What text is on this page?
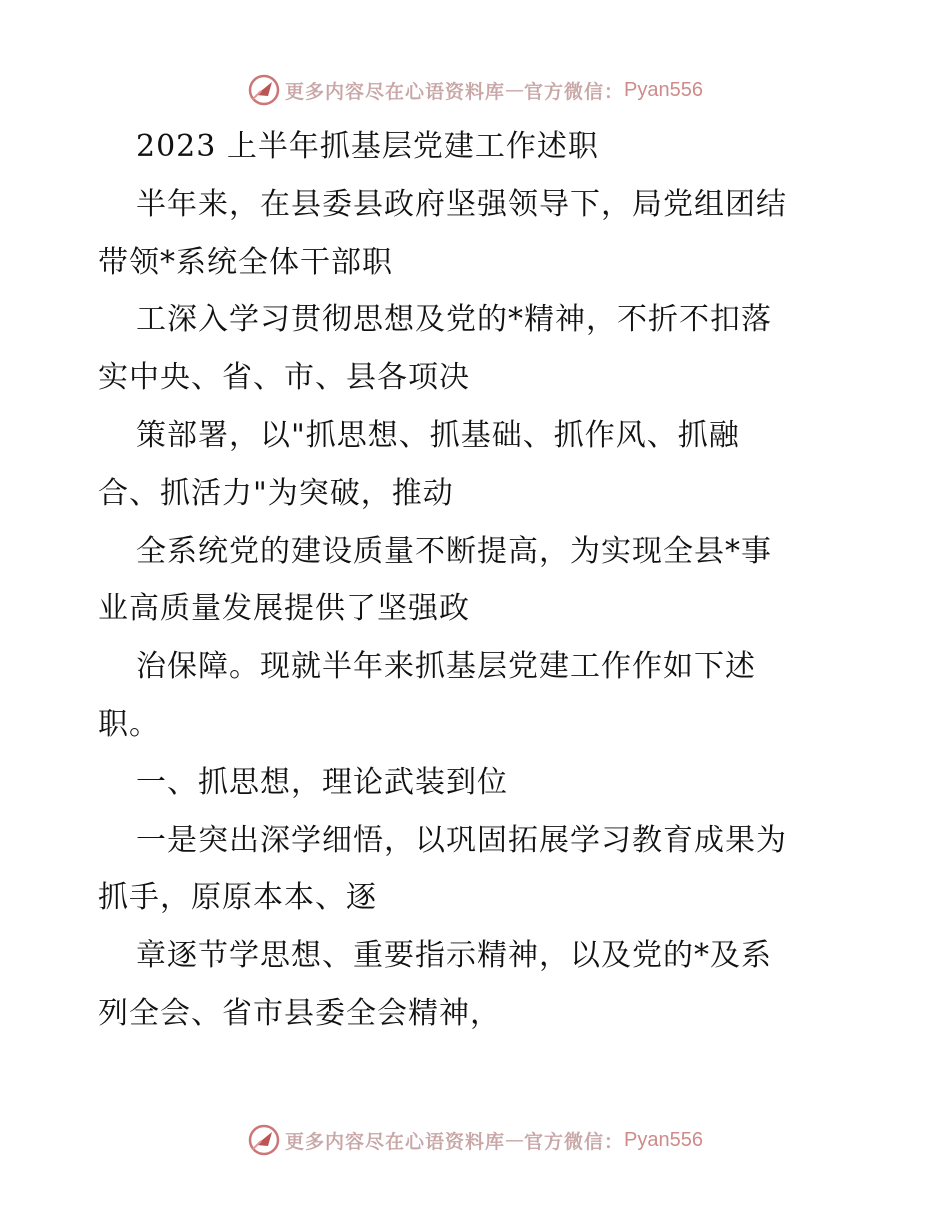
更多内容尽在心语资料库 — 官方微信： Pyan556
2023 上半年抓基层党建工作述职
半年来，在县委县政府坚强领导下，局党组团结
带领*系统全体干部职
工深入学习贯彻思想及党的*精神，不折不扣落
实中央、省、市、县各项决
策部署，以"抓思想、抓基础、抓作风、抓融
合、抓活力"为突破，推动
全系统党的建设质量不断提高，为实现全县*事
业高质量发展提供了坚强政
治保障。现就半年来抓基层党建工作作如下述
职。
一、抓思想，理论武装到位
一是突出深学细悟，以巩固拓展学习教育成果为
抓手，原原本本、逐
章逐节学思想、重要指示精神，以及党的*及系
列全会、省市县委全会精神，
更多内容尽在心语资料库 — 官方微信： Pyan556
